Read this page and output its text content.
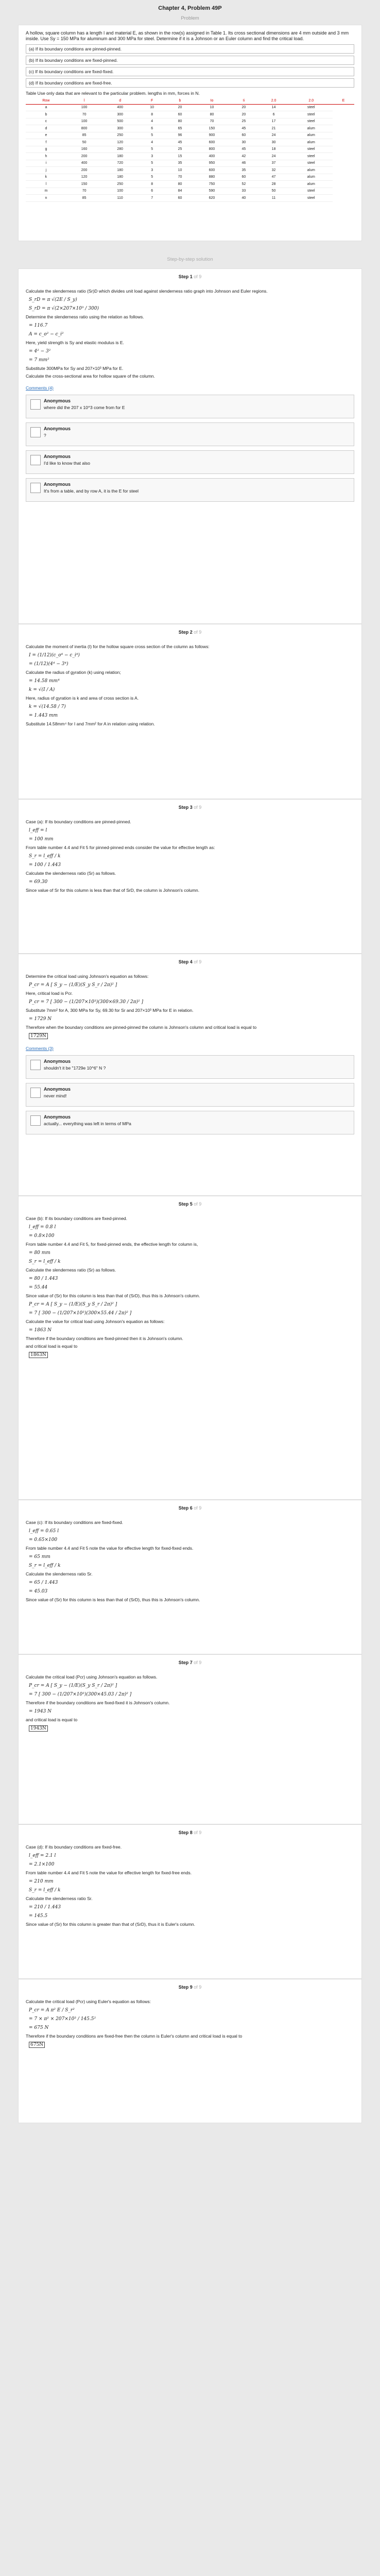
Chapter 4, Problem 49P
Problem

A hollow, square column has a length l and material E, as shown in the row(s) assigned in Table 1. Its cross sectional dimensions are 4 mm outside and 3 mm inside. Use Sy = 150 MPa for aluminum and 300 MPa for steel. Determine if it is a Johnson or an Euler column and find the critical load.

(a) If its boundary conditions are pinned-pinned.
(b) If its boundary conditions are fixed-pinned.
(c) If its boundary conditions are fixed-fixed.
(d) If its boundary conditions are fixed-free.
Table Use only data that are relevant to the particular problem. lengths in mm, forces in N.
Row	l	d	F	b	Io	Ii	2.0	2.0	E
a	100	400	10	20	10	20	14	steel	
b	70	300	8	60	80	20	6	steel	
c	100	500	4	80	70	25	17	steel	
d	800	300	6	65	150	45	21	alum	
e	85	250	5	96	900	60	24	alum	
f	50	120	4	45	600	30	30	alum	
g	160	280	5	25	800	45	18	steel	
h	200	180	3	15	400	42	24	steel	
i	400	720	5	35	950	46	37	steel	
j	200	180	3	10	600	35	32	alum	
k	120	180	5	70	880	60	47	alum	
l	150	250	8	80	750	52	28	alum	
m	70	100	6	84	590	33	50	steel	
n	85	110	7	60	620	40	11	steel	
Step-by-step solution
Step 1 of 9

Calculate the slenderness ratio (Sr)D which divides unit load against slenderness ratio graph into Johnson and Euler regions.

S_rD = π √(2E / S_y)
S_rD = π √(2×207×10³ / 300)

Determine the slenderness ratio using the relation as follows.

= 116.7
A = c_o² − c_i²

Here, yield strength is Sy and elastic modulus is E.

= 4² − 3²
= 7 mm²

Substitute 300MPa for Sy and 207×10³ MPa for E.

Calculate the cross-sectional area for hollow square of the column.

Comments (4)
Anonymous
where did the 207 x 10^3 come from for E
Anonymous
?
Anonymous
I'd like to know that also
Anonymous
It's from a table, and by row A, it is the E for steel
Step 2 of 9

Calculate the moment of inertia (I) for the hollow square cross section of the column as follows:

I = (1/12)(c_o⁴ − c_i⁴)
= (1/12)(4⁴ − 3⁴)

Calculate the radius of gyration (k) using relation;

= 14.58 mm⁴
k = √(I / A)

Here, radius of gyration is k and area of cross section is A.

k = √(14.58 / 7)
= 1.443 mm

Substitute 14.58mm⁴ for I and 7mm² for A in relation using relation.

Step 3 of 9

Case (a): If its boundary conditions are pinned-pinned.

l_eff = l
= 100 mm

From table number 4.4 and Fit 5 for pinned-pinned ends consider the value for effective length as:

S_r = l_eff / k
= 100 / 1.443

Calculate the slenderness ratio (Sr) as follows.

= 69.30

Since value of Sr for this column is less than that of SrD, the column is Johnson's column.

Step 4 of 9

Determine the critical load using Johnson's equation as follows:

P_cr = A [ S_y − (1/E)(S_y S_r / 2π)² ]

Here, critical load is Pcr.

P_cr = 7 [ 300 − (1/207×10³)(300×69.30 / 2π)² ]

Substitute 7mm² for A, 300 MPa for Sy, 69.30 for Sr and 207×10³ MPa for E in relation.

= 1729 N

Therefore when the boundary conditions are pinned-pinned the column is Johnson's column and critical load is equal to

1729N
Comments (3)
Anonymous
shouldn't it be "1729e 10^6" N ?
Anonymous
never mind!
Anonymous
actually... everything was left in terms of MPa
Step 5 of 9

Case (b): If its boundary conditions are fixed-pinned.

l_eff = 0.8 l
= 0.8×100

From table number 4.4 and Fit 5, for fixed-pinned ends, the effective length for column is,

= 80 mm
S_r = l_eff / k

Calculate the slenderness ratio (Sr) as follows.

= 80 / 1.443
= 55.44

Since value of (Sr) for this column is less than that of (SrD), thus this is Johnson's column.

P_cr = A [ S_y − (1/E)(S_y S_r / 2π)² ]
= 7 [ 300 − (1/207×10³)(300×55.44 / 2π)² ]

Calculate the value for critical load using Johnson's equation as follows:

= 1863 N

Therefore if the boundary conditions are fixed-pinned then it is Johnson's column.

and critical load is equal to

1863N
Step 6 of 9

Case (c): If its boundary conditions are fixed-fixed.

l_eff = 0.65 l
= 0.65×100

From table number 4.4 and Fit 5 note the value for effective length for fixed-fixed ends.

= 65 mm
S_r = l_eff / k

Calculate the slenderness ratio Sr.

= 65 / 1.443
= 45.03

Since value of (Sr) for this column is less than that of (SrD), thus this is Johnson's column.

Step 7 of 9

Calculate the critical load (Pcr) using Johnson's equation as follows.

P_cr = A [ S_y − (1/E)(S_y S_r / 2π)² ]
= 7 [ 300 − (1/207×10³)(300×45.03 / 2π)² ]

Therefore if the boundary conditions are fixed-fixed it is Johnson's column.

= 1943 N

and critical load is equal to

1943N
Step 8 of 9

Case (d): If its boundary conditions are fixed-free.

l_eff = 2.1 l
= 2.1×100

From table number 4.4 and Fit 5 note the value for effective length for fixed-free ends.

= 210 mm
S_r = l_eff / k

Calculate the slenderness ratio Sr.

= 210 / 1.443
= 145.5

Since value of (Sr) for this column is greater than that of (SrD), thus it is Euler's column.

Step 9 of 9

Calculate the critical load (Pcr) using Euler's equation as follows:

P_cr = A π² E / S_r²
= 7 × π² × 207×10³ / 145.5²
= 675 N

Therefore if the boundary conditions are fixed-free then the column is Euler's column and critical load is equal to

675N
